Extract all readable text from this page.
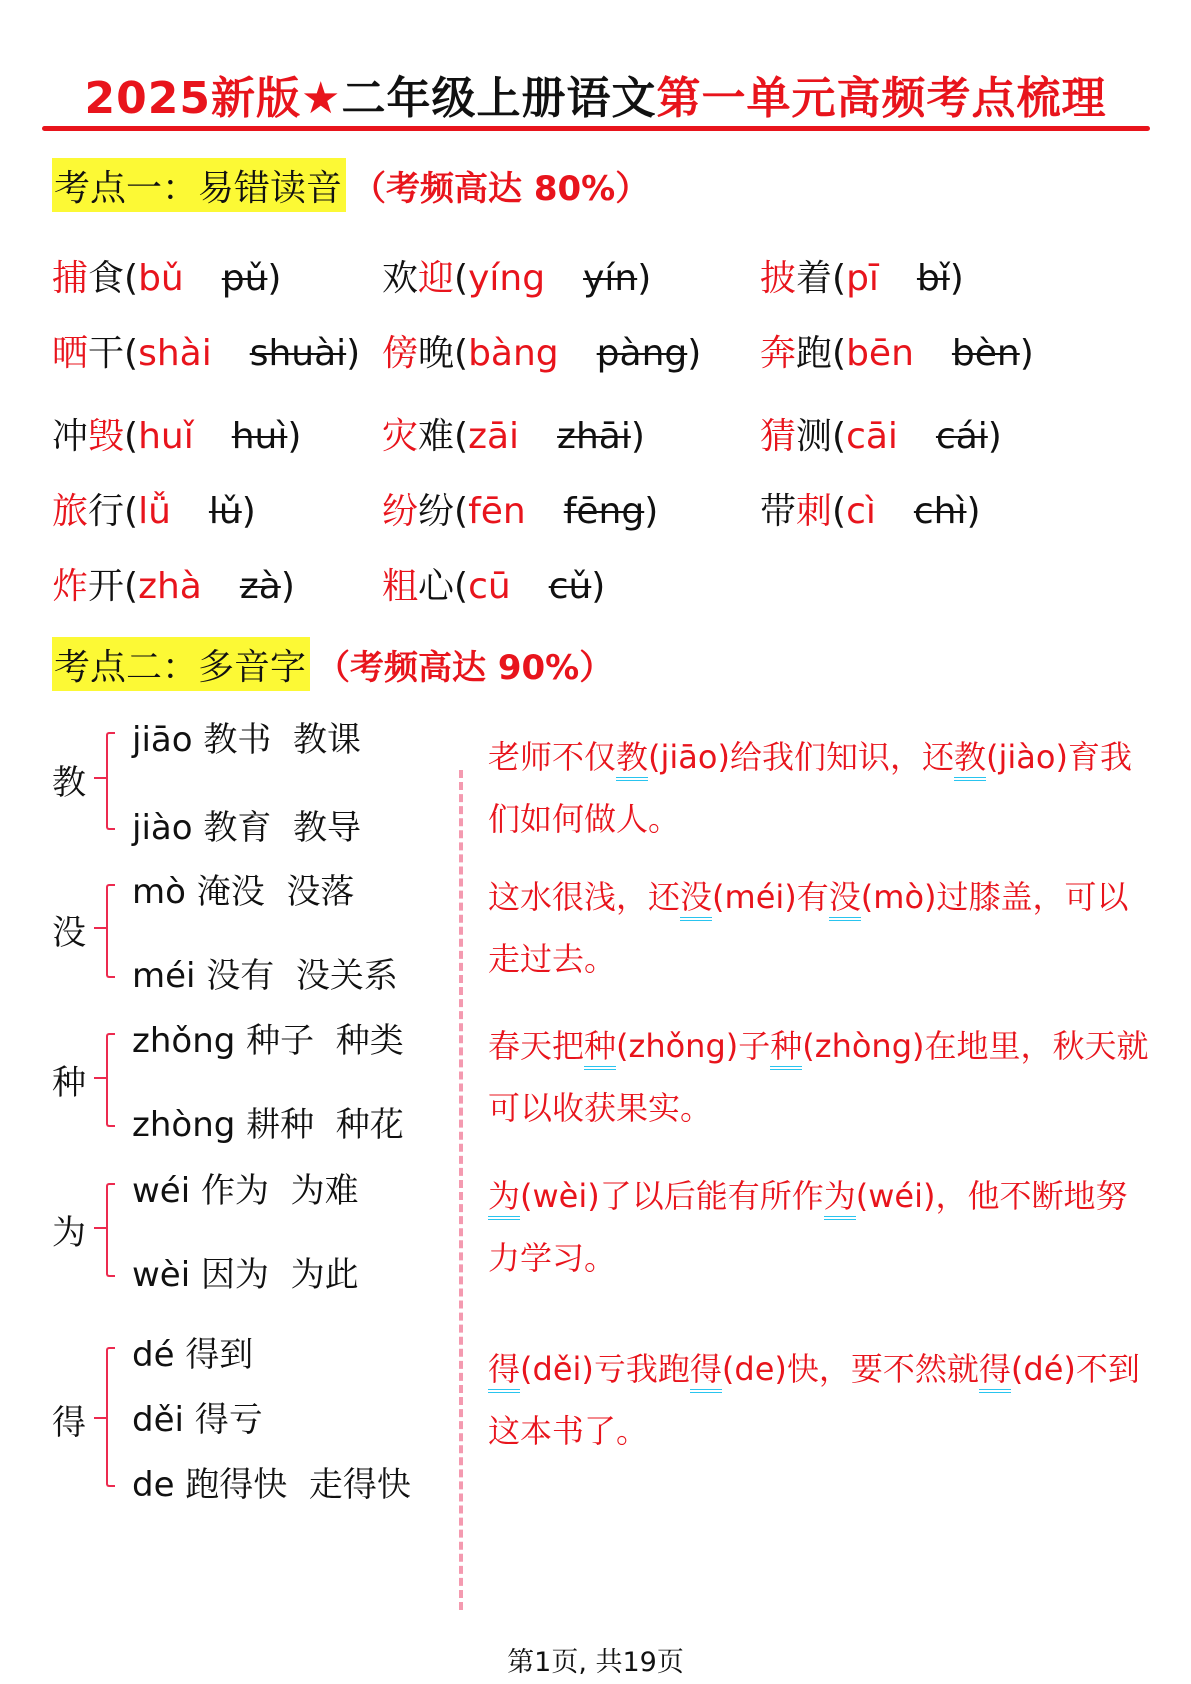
2025新版★二年级上册语文第一单元高频考点梳理
考点一：易错读音 （考频高达 80%）
捕食(bǔ pǔ)	欢迎(yíng yín)	披着(pī bǐ)
晒干(shài shuài) 傍晚(bàng pàng) 奔跑(bēn bèn)
冲毁(huǐ huì) 灾难(zāi zhāi)	猜测(cāi cái)
旅行(lǚ lǔ)	纷纷(fēn fēng)	带刺(cì chì)
炸开(zhà zà) 粗心(cū cǔ)
考点二：多音字 （考频高达 90%）
教
jiāo 教书  教课
jiào 教育  教导
老师不仅教(jiāo)给我们知识，还教(jiào)育我们如何做人。
没
mò 淹没  没落
méi 没有  没关系
这水很浅，还没(méi)有没(mò)过膝盖，可以走过去。
种
zhǒng 种子  种类
zhòng 耕种  种花
春天把种(zhǒng)子种(zhòng)在地里，秋天就可以收获果实。
为
wéi 作为  为难
wèi 因为  为此
为(wèi)了以后能有所作为(wéi)，他不断地努力学习。
得
dé 得到
děi 得亏
de 跑得快  走得快
得(děi)亏我跑得(de)快，要不然就得(dé)不到这本书了。
第1页, 共19页
